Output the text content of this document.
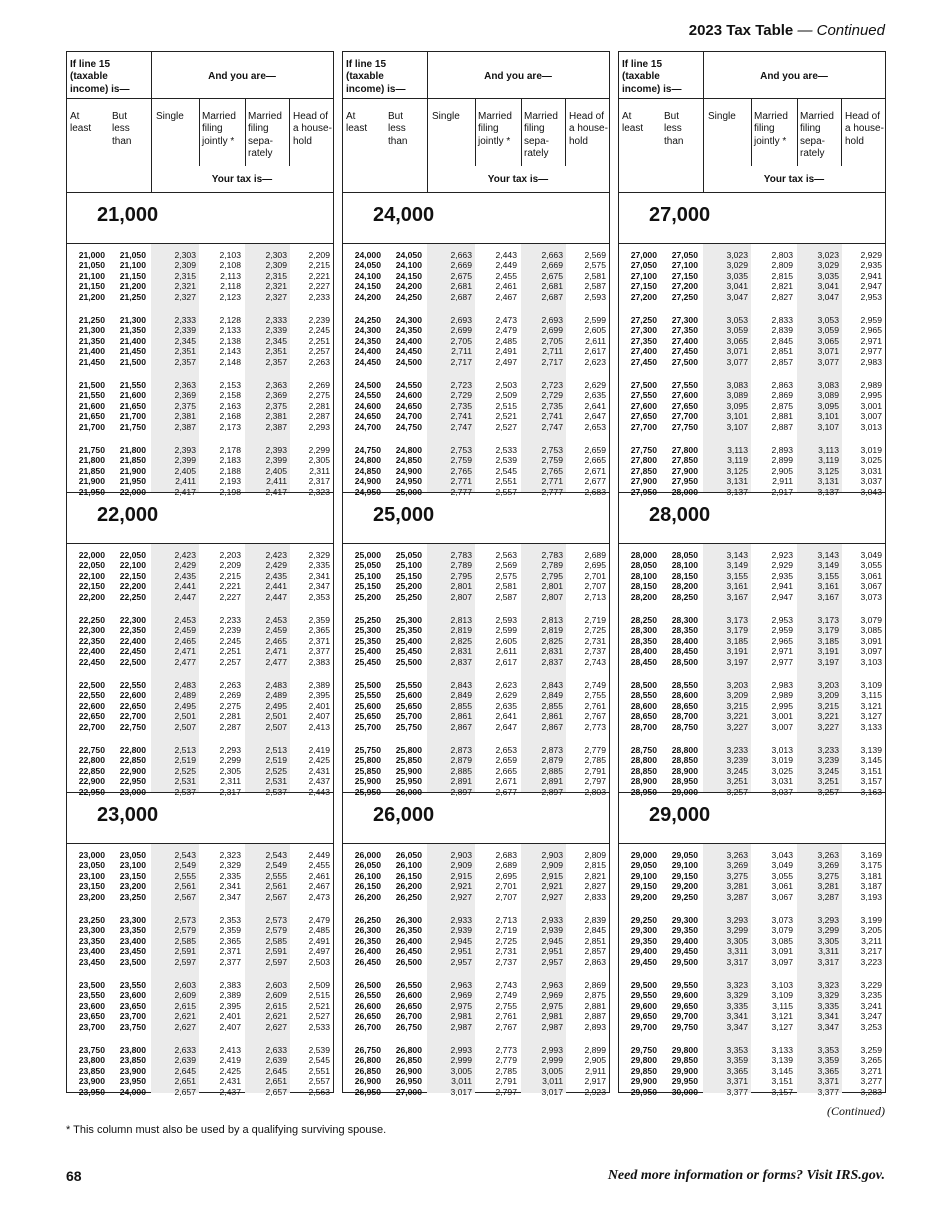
2023 Tax Table — Continued
If line 15 (taxable income) is—
And you are—
At least
But less than
Single	Married filing jointly *
Married filing sepa- rately
Head of a house- hold
Your tax is—
21,000
21,000	21,050	2,303	2,103	2,303	2,209
21,050	21,100	2,309	2,108	2,309	2,215
21,100	21,150	2,315	2,113	2,315	2,221
21,150	21,200	2,321	2,118	2,321	2,227
21,200	21,250	2,327	2,123	2,327	2,233
21,250	21,300	2,333	2,128	2,333	2,239
21,300	21,350	2,339	2,133	2,339	2,245
21,350	21,400	2,345	2,138	2,345	2,251
21,400	21,450	2,351	2,143	2,351	2,257
21,450	21,500	2,357	2,148	2,357	2,263
21,500	21,550	2,363	2,153	2,363	2,269
21,550	21,600	2,369	2,158	2,369	2,275
21,600	21,650	2,375	2,163	2,375	2,281
21,650	21,700	2,381	2,168	2,381	2,287
21,700	21,750	2,387	2,173	2,387	2,293
21,750	21,800	2,393	2,178	2,393	2,299
21,800	21,850	2,399	2,183	2,399	2,305
21,850	21,900	2,405	2,188	2,405	2,311
21,900	21,950	2,411	2,193	2,411	2,317
21,950	22,000	2,417	2,198	2,417	2,323
22,000
22,000	22,050	2,423	2,203	2,423	2,329
22,050	22,100	2,429	2,209	2,429	2,335
22,100	22,150	2,435	2,215	2,435	2,341
22,150	22,200	2,441	2,221	2,441	2,347
22,200	22,250	2,447	2,227	2,447	2,353
22,250	22,300	2,453	2,233	2,453	2,359
22,300	22,350	2,459	2,239	2,459	2,365
22,350	22,400	2,465	2,245	2,465	2,371
22,400	22,450	2,471	2,251	2,471	2,377
22,450	22,500	2,477	2,257	2,477	2,383
22,500	22,550	2,483	2,263	2,483	2,389
22,550	22,600	2,489	2,269	2,489	2,395
22,600	22,650	2,495	2,275	2,495	2,401
22,650	22,700	2,501	2,281	2,501	2,407
22,700	22,750	2,507	2,287	2,507	2,413
22,750	22,800	2,513	2,293	2,513	2,419
22,800	22,850	2,519	2,299	2,519	2,425
22,850	22,900	2,525	2,305	2,525	2,431
22,900	22,950	2,531	2,311	2,531	2,437
22,950	23,000	2,537	2,317	2,537	2,443
23,000
23,000	23,050	2,543	2,323	2,543	2,449
23,050	23,100	2,549	2,329	2,549	2,455
23,100	23,150	2,555	2,335	2,555	2,461
23,150	23,200	2,561	2,341	2,561	2,467
23,200	23,250	2,567	2,347	2,567	2,473
23,250	23,300	2,573	2,353	2,573	2,479
23,300	23,350	2,579	2,359	2,579	2,485
23,350	23,400	2,585	2,365	2,585	2,491
23,400	23,450	2,591	2,371	2,591	2,497
23,450	23,500	2,597	2,377	2,597	2,503
23,500	23,550	2,603	2,383	2,603	2,509
23,550	23,600	2,609	2,389	2,609	2,515
23,600	23,650	2,615	2,395	2,615	2,521
23,650	23,700	2,621	2,401	2,621	2,527
23,700	23,750	2,627	2,407	2,627	2,533
23,750	23,800	2,633	2,413	2,633	2,539
23,800	23,850	2,639	2,419	2,639	2,545
23,850	23,900	2,645	2,425	2,645	2,551
23,900	23,950	2,651	2,431	2,651	2,557
23,950	24,000	2,657	2,437	2,657	2,563
If line 15 (taxable income) is—
And you are—
At least
But less than
Single	Married filing jointly *
Married filing sepa- rately
Head of a house- hold
Your tax is—
24,000
24,000	24,050	2,663	2,443	2,663	2,569
24,050	24,100	2,669	2,449	2,669	2,575
24,100	24,150	2,675	2,455	2,675	2,581
24,150	24,200	2,681	2,461	2,681	2,587
24,200	24,250	2,687	2,467	2,687	2,593
24,250	24,300	2,693	2,473	2,693	2,599
24,300	24,350	2,699	2,479	2,699	2,605
24,350	24,400	2,705	2,485	2,705	2,611
24,400	24,450	2,711	2,491	2,711	2,617
24,450	24,500	2,717	2,497	2,717	2,623
24,500	24,550	2,723	2,503	2,723	2,629
24,550	24,600	2,729	2,509	2,729	2,635
24,600	24,650	2,735	2,515	2,735	2,641
24,650	24,700	2,741	2,521	2,741	2,647
24,700	24,750	2,747	2,527	2,747	2,653
24,750	24,800	2,753	2,533	2,753	2,659
24,800	24,850	2,759	2,539	2,759	2,665
24,850	24,900	2,765	2,545	2,765	2,671
24,900	24,950	2,771	2,551	2,771	2,677
24,950	25,000	2,777	2,557	2,777	2,683
25,000
25,000	25,050	2,783	2,563	2,783	2,689
25,050	25,100	2,789	2,569	2,789	2,695
25,100	25,150	2,795	2,575	2,795	2,701
25,150	25,200	2,801	2,581	2,801	2,707
25,200	25,250	2,807	2,587	2,807	2,713
25,250	25,300	2,813	2,593	2,813	2,719
25,300	25,350	2,819	2,599	2,819	2,725
25,350	25,400	2,825	2,605	2,825	2,731
25,400	25,450	2,831	2,611	2,831	2,737
25,450	25,500	2,837	2,617	2,837	2,743
25,500	25,550	2,843	2,623	2,843	2,749
25,550	25,600	2,849	2,629	2,849	2,755
25,600	25,650	2,855	2,635	2,855	2,761
25,650	25,700	2,861	2,641	2,861	2,767
25,700	25,750	2,867	2,647	2,867	2,773
25,750	25,800	2,873	2,653	2,873	2,779
25,800	25,850	2,879	2,659	2,879	2,785
25,850	25,900	2,885	2,665	2,885	2,791
25,900	25,950	2,891	2,671	2,891	2,797
25,950	26,000	2,897	2,677	2,897	2,803
26,000
26,000	26,050	2,903	2,683	2,903	2,809
26,050	26,100	2,909	2,689	2,909	2,815
26,100	26,150	2,915	2,695	2,915	2,821
26,150	26,200	2,921	2,701	2,921	2,827
26,200	26,250	2,927	2,707	2,927	2,833
26,250	26,300	2,933	2,713	2,933	2,839
26,300	26,350	2,939	2,719	2,939	2,845
26,350	26,400	2,945	2,725	2,945	2,851
26,400	26,450	2,951	2,731	2,951	2,857
26,450	26,500	2,957	2,737	2,957	2,863
26,500	26,550	2,963	2,743	2,963	2,869
26,550	26,600	2,969	2,749	2,969	2,875
26,600	26,650	2,975	2,755	2,975	2,881
26,650	26,700	2,981	2,761	2,981	2,887
26,700	26,750	2,987	2,767	2,987	2,893
26,750	26,800	2,993	2,773	2,993	2,899
26,800	26,850	2,999	2,779	2,999	2,905
26,850	26,900	3,005	2,785	3,005	2,911
26,900	26,950	3,011	2,791	3,011	2,917
26,950	27,000	3,017	2,797	3,017	2,923
If line 15 (taxable income) is—
And you are—
At least
But less than
Single	Married filing jointly *
Married filing sepa- rately
Head of a house- hold
Your tax is—
27,000
27,000	27,050	3,023	2,803	3,023	2,929
27,050	27,100	3,029	2,809	3,029	2,935
27,100	27,150	3,035	2,815	3,035	2,941
27,150	27,200	3,041	2,821	3,041	2,947
27,200	27,250	3,047	2,827	3,047	2,953
27,250	27,300	3,053	2,833	3,053	2,959
27,300	27,350	3,059	2,839	3,059	2,965
27,350	27,400	3,065	2,845	3,065	2,971
27,400	27,450	3,071	2,851	3,071	2,977
27,450	27,500	3,077	2,857	3,077	2,983
27,500	27,550	3,083	2,863	3,083	2,989
27,550	27,600	3,089	2,869	3,089	2,995
27,600	27,650	3,095	2,875	3,095	3,001
27,650	27,700	3,101	2,881	3,101	3,007
27,700	27,750	3,107	2,887	3,107	3,013
27,750	27,800	3,113	2,893	3,113	3,019
27,800	27,850	3,119	2,899	3,119	3,025
27,850	27,900	3,125	2,905	3,125	3,031
27,900	27,950	3,131	2,911	3,131	3,037
27,950	28,000	3,137	2,917	3,137	3,043
28,000
28,000	28,050	3,143	2,923	3,143	3,049
28,050	28,100	3,149	2,929	3,149	3,055
28,100	28,150	3,155	2,935	3,155	3,061
28,150	28,200	3,161	2,941	3,161	3,067
28,200	28,250	3,167	2,947	3,167	3,073
28,250	28,300	3,173	2,953	3,173	3,079
28,300	28,350	3,179	2,959	3,179	3,085
28,350	28,400	3,185	2,965	3,185	3,091
28,400	28,450	3,191	2,971	3,191	3,097
28,450	28,500	3,197	2,977	3,197	3,103
28,500	28,550	3,203	2,983	3,203	3,109
28,550	28,600	3,209	2,989	3,209	3,115
28,600	28,650	3,215	2,995	3,215	3,121
28,650	28,700	3,221	3,001	3,221	3,127
28,700	28,750	3,227	3,007	3,227	3,133
28,750	28,800	3,233	3,013	3,233	3,139
28,800	28,850	3,239	3,019	3,239	3,145
28,850	28,900	3,245	3,025	3,245	3,151
28,900	28,950	3,251	3,031	3,251	3,157
28,950	29,000	3,257	3,037	3,257	3,163
29,000
29,000	29,050	3,263	3,043	3,263	3,169
29,050	29,100	3,269	3,049	3,269	3,175
29,100	29,150	3,275	3,055	3,275	3,181
29,150	29,200	3,281	3,061	3,281	3,187
29,200	29,250	3,287	3,067	3,287	3,193
29,250	29,300	3,293	3,073	3,293	3,199
29,300	29,350	3,299	3,079	3,299	3,205
29,350	29,400	3,305	3,085	3,305	3,211
29,400	29,450	3,311	3,091	3,311	3,217
29,450	29,500	3,317	3,097	3,317	3,223
29,500	29,550	3,323	3,103	3,323	3,229
29,550	29,600	3,329	3,109	3,329	3,235
29,600	29,650	3,335	3,115	3,335	3,241
29,650	29,700	3,341	3,121	3,341	3,247
29,700	29,750	3,347	3,127	3,347	3,253
29,750	29,800	3,353	3,133	3,353	3,259
29,800	29,850	3,359	3,139	3,359	3,265
29,850	29,900	3,365	3,145	3,365	3,271
29,900	29,950	3,371	3,151	3,371	3,277
29,950	30,000	3,377	3,157	3,377	3,283
(Continued)
* This column must also be used by a qualifying surviving spouse.
68	Need more information or forms? Visit IRS.gov.
